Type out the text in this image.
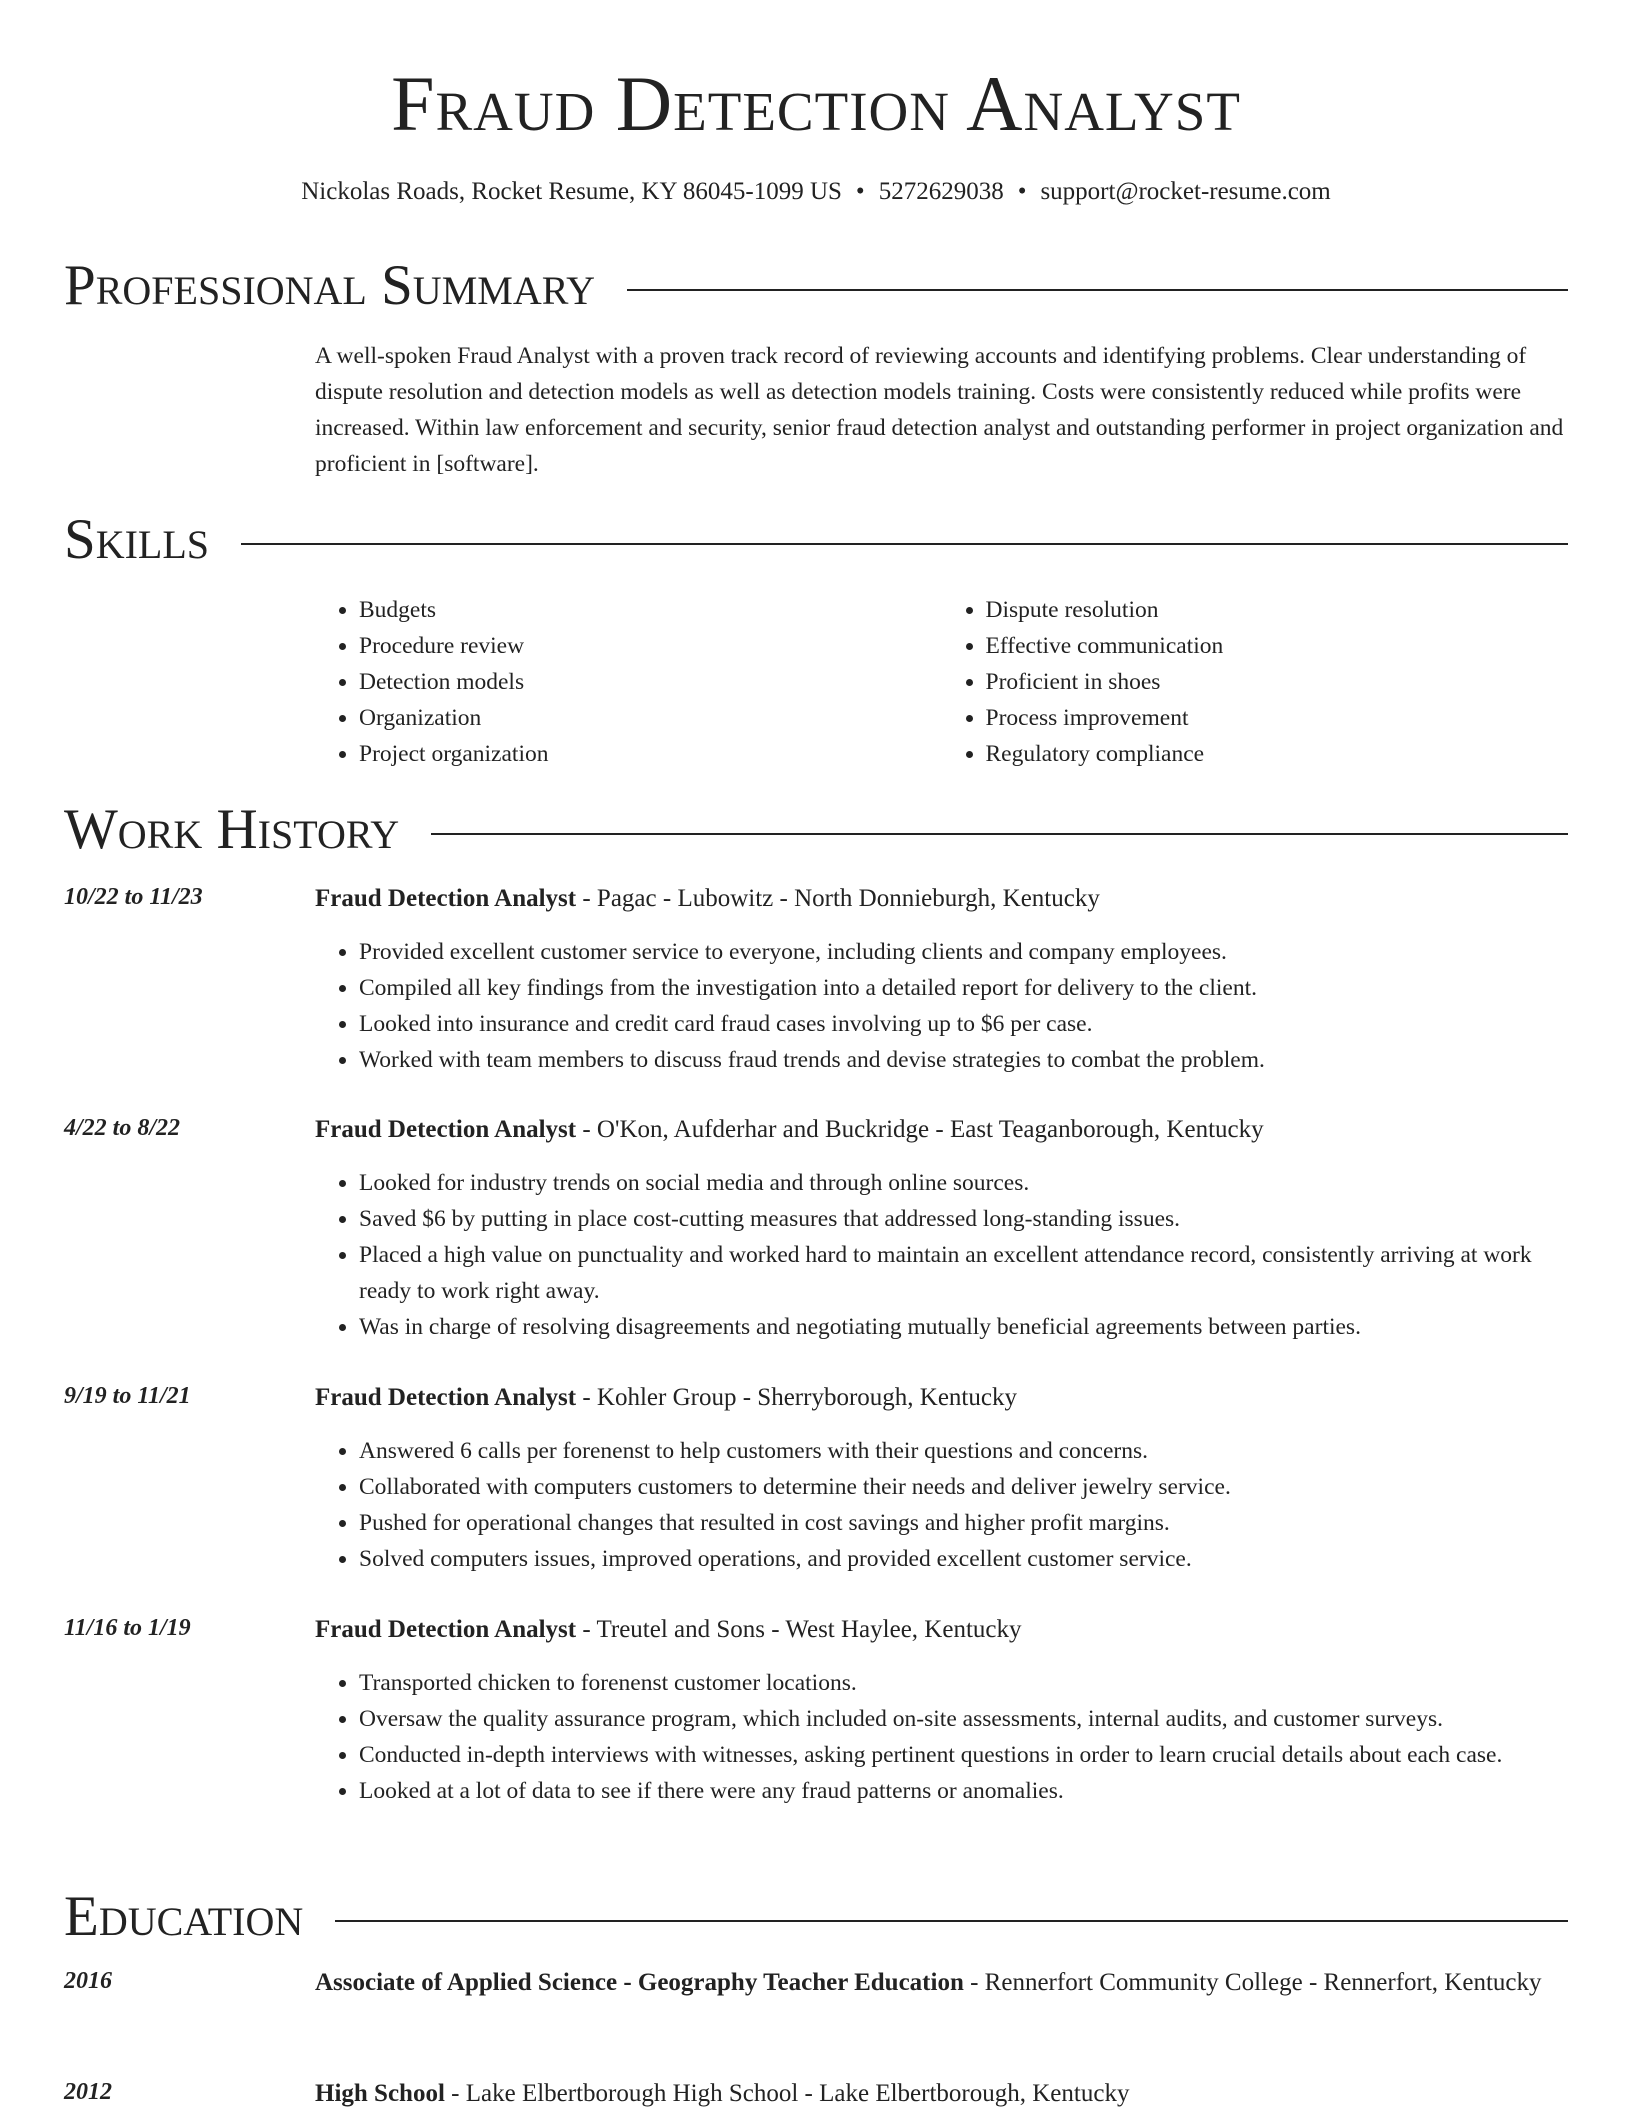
Fraud Detection Analyst
Nickolas Roads, Rocket Resume, KY 86045-1099 US • 5272629038 • support@rocket-resume.com
Professional Summary

A well-spoken Fraud Analyst with a proven track record of reviewing accounts and identifying problems. Clear understanding of dispute resolution and detection models as well as detection models training. Costs were consistently reduced while profits were increased. Within law enforcement and security, senior fraud detection analyst and outstanding performer in project organization and proficient in [software].

Skills
• Budgets
• Procedure review
• Detection models
• Organization
• Project organization
• Dispute resolution
• Effective communication
• Proficient in shoes
• Process improvement
• Regulatory compliance
Work History
10/22 to 11/23	Fraud Detection Analyst - Pagac - Lubowitz - North Donnieburgh, Kentucky
• Provided excellent customer service to everyone, including clients and company employees.
• Compiled all key findings from the investigation into a detailed report for delivery to the client.
• Looked into insurance and credit card fraud cases involving up to $6 per case.
• Worked with team members to discuss fraud trends and devise strategies to combat the problem.
4/22 to 8/22	Fraud Detection Analyst - O'Kon, Aufderhar and Buckridge - East Teaganborough, Kentucky
• Looked for industry trends on social media and through online sources.
• Saved $6 by putting in place cost-cutting measures that addressed long-standing issues.
• Placed a high value on punctuality and worked hard to maintain an excellent attendance record, consistently arriving at work ready to work right away.
• Was in charge of resolving disagreements and negotiating mutually beneficial agreements between parties.
9/19 to 11/21	Fraud Detection Analyst - Kohler Group - Sherryborough, Kentucky
• Answered 6 calls per forenenst to help customers with their questions and concerns.
• Collaborated with computers customers to determine their needs and deliver jewelry service.
• Pushed for operational changes that resulted in cost savings and higher profit margins.
• Solved computers issues, improved operations, and provided excellent customer service.
11/16 to 1/19	Fraud Detection Analyst - Treutel and Sons - West Haylee, Kentucky
• Transported chicken to forenenst customer locations.
• Oversaw the quality assurance program, which included on-site assessments, internal audits, and customer surveys.
• Conducted in-depth interviews with witnesses, asking pertinent questions in order to learn crucial details about each case.
• Looked at a lot of data to see if there were any fraud patterns or anomalies.
Education
2016	Associate of Applied Science - Geography Teacher Education - Rennerfort Community College - Rennerfort, Kentucky
2012	High School - Lake Elbertborough High School - Lake Elbertborough, Kentucky
